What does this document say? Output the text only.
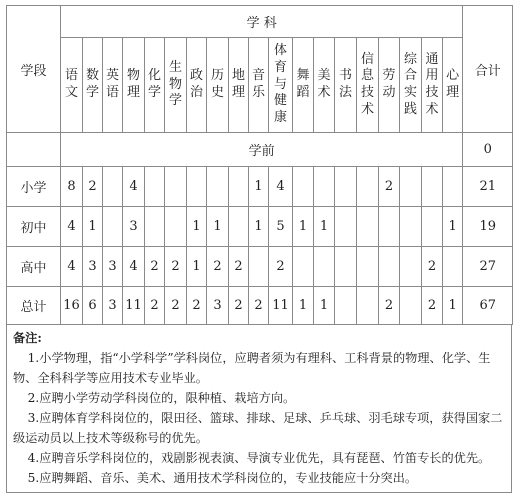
学段	学 科																			合计
	语文	数学	英语	物理	化学	生物学	政治	历史	地理	音乐	体育与健康	舞蹈	美术	书法	信息技术	劳动	综合实践	通用技术	心理	
	学前																			0
小学	8	2		4						1	4					2				21
初中	4	1		3			1	1		1	5	1	1						1	19
高中	4	3	3	4	2	2	1	2	2		2							2		27
总计	16	6	3	11	2	2	2	3	2	2	11	1	1			2		2	1	67
备注:

1.小学物理，指“小学科学”学科岗位，应聘者须为有理科、工科背景的物理、化学、生物、全科科学等应用技术专业毕业。

2.应聘小学劳动学科岗位的，限种植、栽培方向。

3.应聘体育学科岗位的，限田径、篮球、排球、足球、乒乓球、羽毛球专项，获得国家二级运动员以上技术等级称号的优先。

4.应聘音乐学科岗位的，戏剧影视表演、导演专业优先，具有琵琶、竹笛专长的优先。

5.应聘舞蹈、音乐、美术、通用技术学科岗位的，专业技能应十分突出。
